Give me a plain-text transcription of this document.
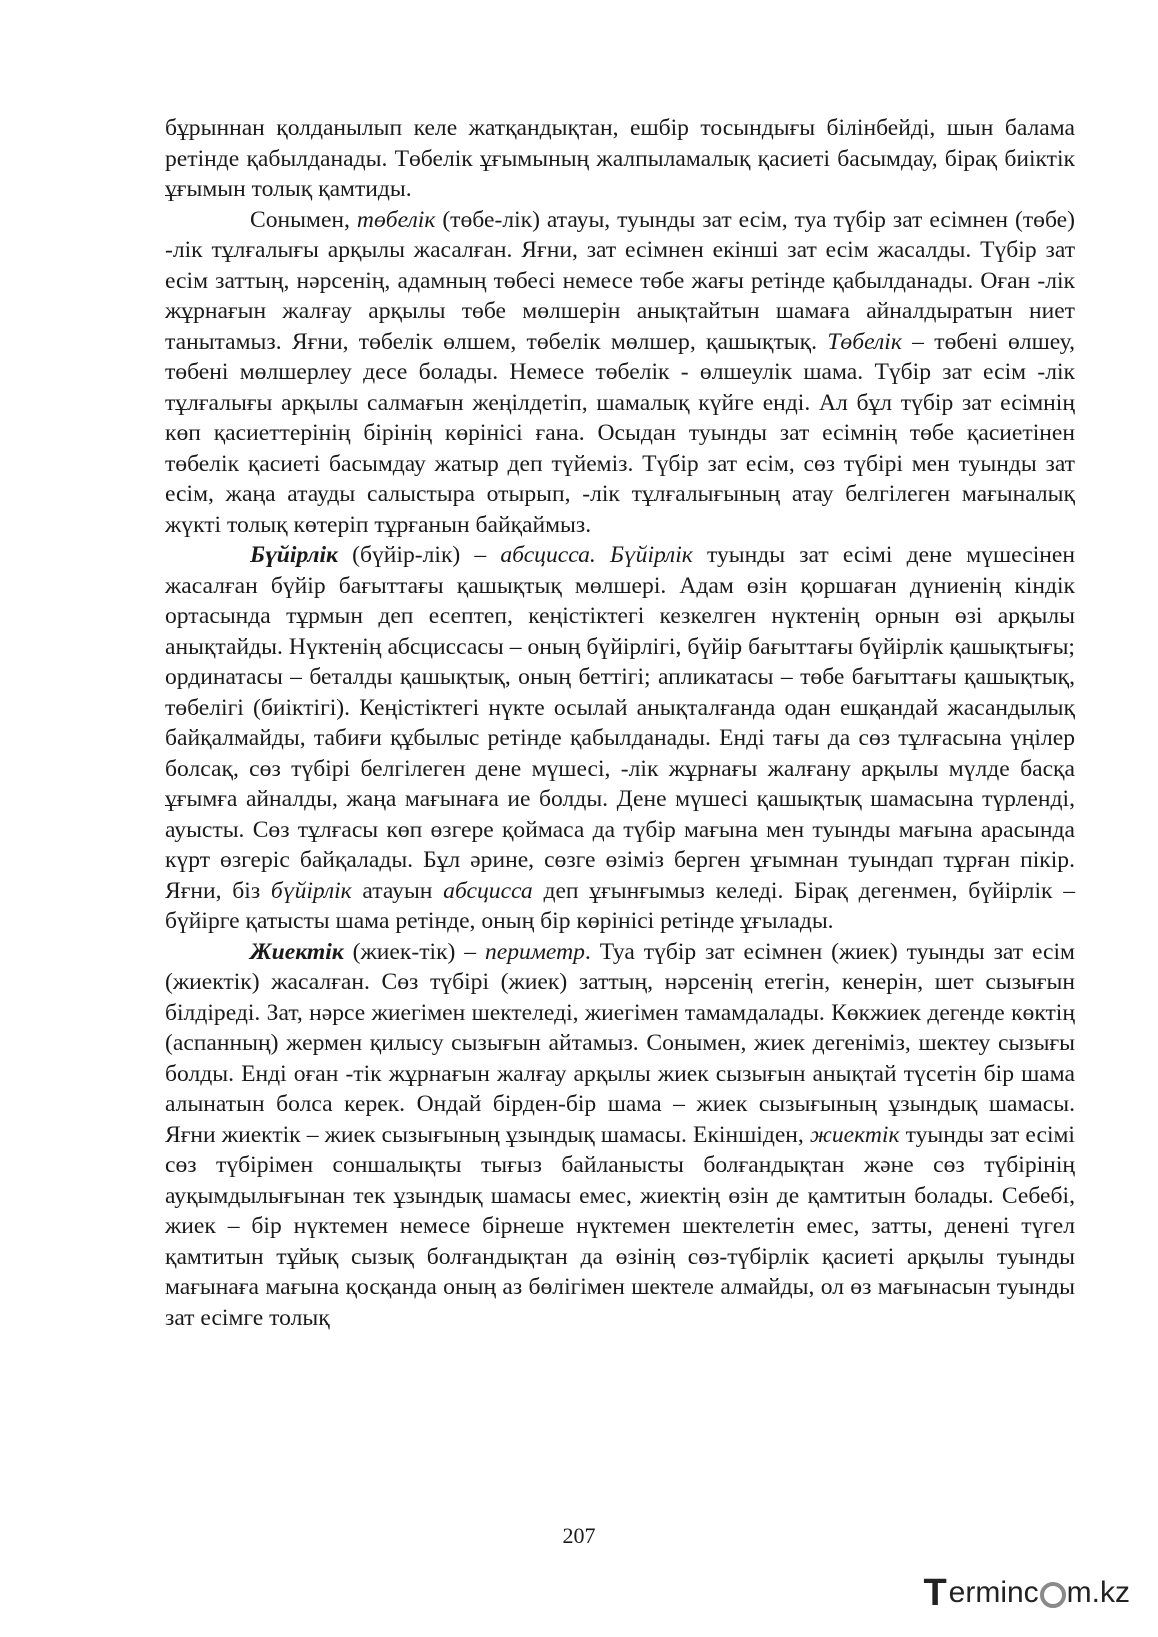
бұрыннан қолданылып келе жатқандықтан, ешбір тосындығы білінбейді, шын балама ретінде қабылданады. Төбелік ұғымының жалпыламалық қасиеті басымдау, бірақ биіктік ұғымын толық қамтиды.

Сонымен, төбелік (төбе-лік) атауы, туынды зат есім, туа түбір зат есімнен (төбе) -лік тұлғалығы арқылы жасалған. Яғни, зат есімнен екінші зат есім жасалды. Түбір зат есім заттың, нәрсенің, адамның төбесі немесе төбе жағы ретінде қабылданады. Оған -лік жұрнағын жалғау арқылы төбе мөлшерін анықтайтын шамаға айналдыратын ниет танытамыз. Яғни, төбелік өлшем, төбелік мөлшер, қашықтық. Төбелік – төбені өлшеу, төбені мөлшерлеу десе болады. Немесе төбелік - өлшеулік шама. Түбір зат есім -лік тұлғалығы арқылы салмағын жеңілдетіп, шамалық күйге енді. Ал бұл түбір зат есімнің көп қасиеттерінің бірінің көрінісі ғана. Осыдан туынды зат есімнің төбе қасиетінен төбелік қасиеті басымдау жатыр деп түйеміз. Түбір зат есім, сөз түбірі мен туынды зат есім, жаңа атауды салыстыра отырып, -лік тұлғалығының атау белгілеген мағыналық жүкті толық көтеріп тұрғанын байқаймыз.

Бүйірлік (бүйір-лік) – абсцисса. Бүйірлік туынды зат есімі дене мүшесінен жасалған бүйір бағыттағы қашықтық мөлшері. Адам өзін қоршаған дүниенің кіндік ортасында тұрмын деп есептеп, кеңістіктегі кезкелген нүктенің орнын өзі арқылы анықтайды. Нүктенің абсциссасы – оның бүйірлігі, бүйір бағыттағы бүйірлік қашықтығы; ординатасы – беталды қашықтық, оның беттігі; апликатасы – төбе бағыттағы қашықтық, төбелігі (биіктігі). Кеңістіктегі нүкте осылай анықталғанда одан ешқандай жасандылық байқалмайды, табиғи құбылыс ретінде қабылданады. Енді тағы да сөз тұлғасына үңілер болсақ, сөз түбірі белгілеген дене мүшесі, -лік жұрнағы жалғану арқылы мүлде басқа ұғымға айналды, жаңа мағынаға ие болды. Дене мүшесі қашықтық шамасына түрленді, ауысты. Сөз тұлғасы көп өзгере қоймаса да түбір мағына мен туынды мағына арасында күрт өзгеріс байқалады. Бұл әрине, сөзге өзіміз берген ұғымнан туындап тұрған пікір. Яғни, біз бүйірлік атауын абсцисса деп ұғынғымыз келеді. Бірақ дегенмен, бүйірлік – бүйірге қатысты шама ретінде, оның бір көрінісі ретінде ұғылады.

Жиектік (жиек-тік) – периметр. Туа түбір зат есімнен (жиек) туынды зат есім (жиектік) жасалған. Сөз түбірі (жиек) заттың, нәрсенің етегін, кенерін, шет сызығын білдіреді. Зат, нәрсе жиегімен шектеледі, жиегімен тамамдалады. Көкжиек дегенде көктің (аспанның) жермен қилысу сызығын айтамыз. Сонымен, жиек дегеніміз, шектеу сызығы болды. Енді оған -тік жұрнағын жалғау арқылы жиек сызығын анықтай түсетін бір шама алынатын болса керек. Ондай бірден-бір шама – жиек сызығының ұзындық шамасы. Яғни жиектік – жиек сызығының ұзындық шамасы. Екіншіден, жиектік туынды зат есімі сөз түбірімен соншалықты тығыз байланысты болғандықтан және сөз түбірінің ауқымдылығынан тек ұзындық шамасы емес, жиектің өзін де қамтитын болады. Себебі, жиек – бір нүктемен немесе бірнеше нүктемен шектелетін емес, затты, денені түгел қамтитын тұйық сызық болғандықтан да өзінің сөз-түбірлік қасиеті арқылы туынды мағынаға мағына қосқанда оның аз бөлігімен шектеле алмайды, ол өз мағынасын туынды зат есімге толық

207
T erminc m.kz
